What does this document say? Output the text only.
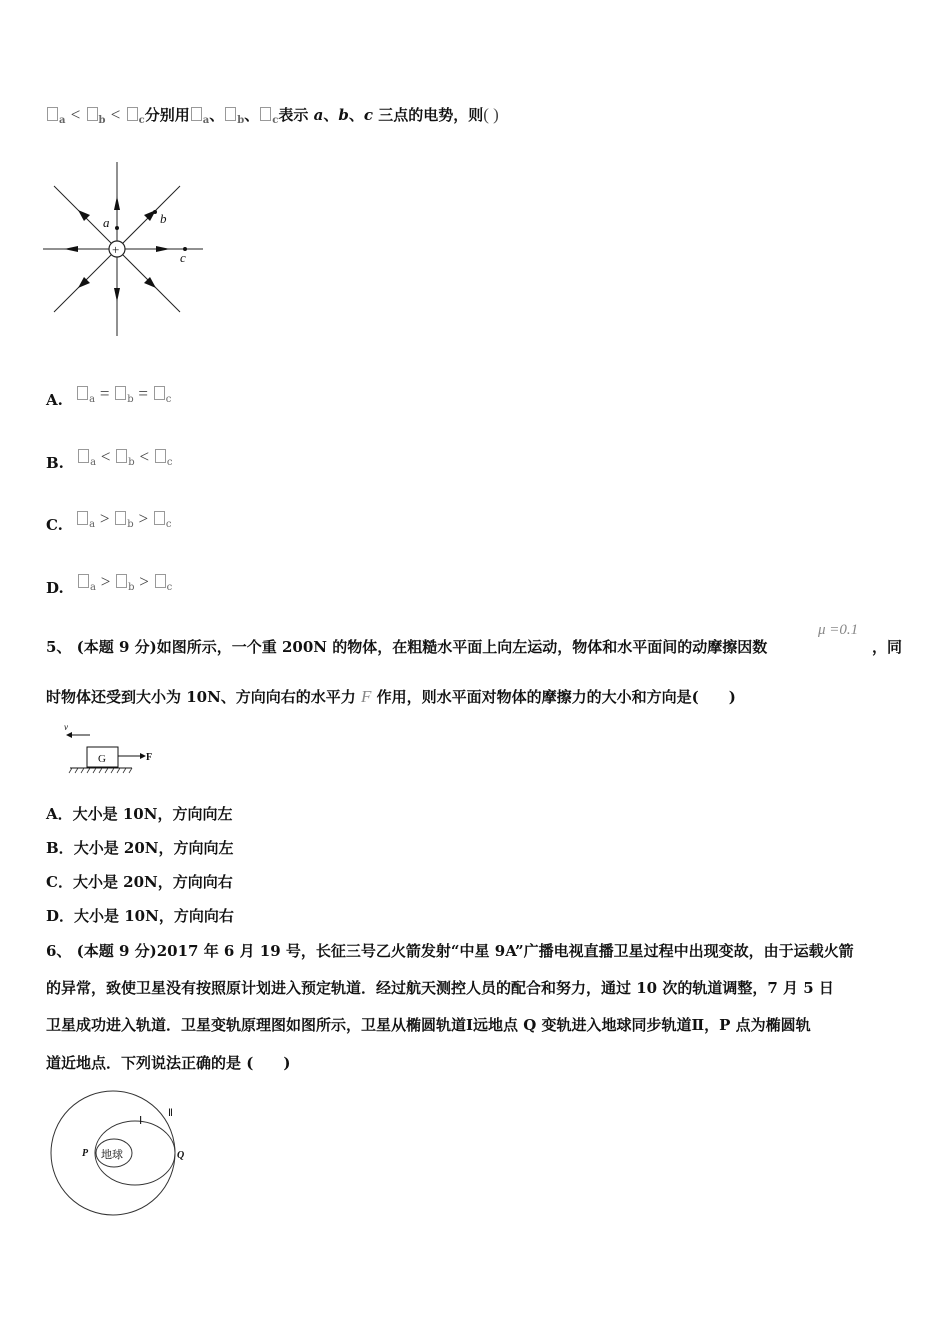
$_a$ < $_b$ < $_c$分别用 $_a$、 $_b$、 $_c$表示 a、b、c 三点的电势，则( )
+
a	b
c
A.	$_a$ = $_b$ = $_c$
B.	$_a$ < $_b$ < $_c$
C.	$_a$ > $_b$ > $_c$
D.	$_a$ > $_b$ > $_c$
5、 (本题 9 分)如图所示，一个重 200N 的物体，在粗糙水平面上向左运动，物体和水平面间的动摩擦因数
μ =0.1
，同
时物体还受到大小为 10N、方向向右的水平力 F 作用，则水平面对物体的摩擦力的大小和方向是(　　)
v
G	F
A．大小是 10N，方向向左
B．大小是 20N，方向向左
C．大小是 20N，方向向右
D．大小是 10N，方向向右
6、 (本题 9 分)2017 年 6 月 19 号，长征三号乙火箭发射“中星 9A”广播电视直播卫星过程中出现变故，由于运载火箭
的异常，致使卫星没有按照原计划进入预定轨道．经过航天测控人员的配合和努力，通过 10 次的轨道调整，7 月 5 日
卫星成功进入轨道．卫星变轨原理图如图所示，卫星从椭圆轨道Ⅰ远地点 Q 变轨进入地球同步轨道Ⅱ，P 点为椭圆轨
道近地点．下列说法正确的是 (　　)
地球
P	Q
Ⅰ
Ⅱ
